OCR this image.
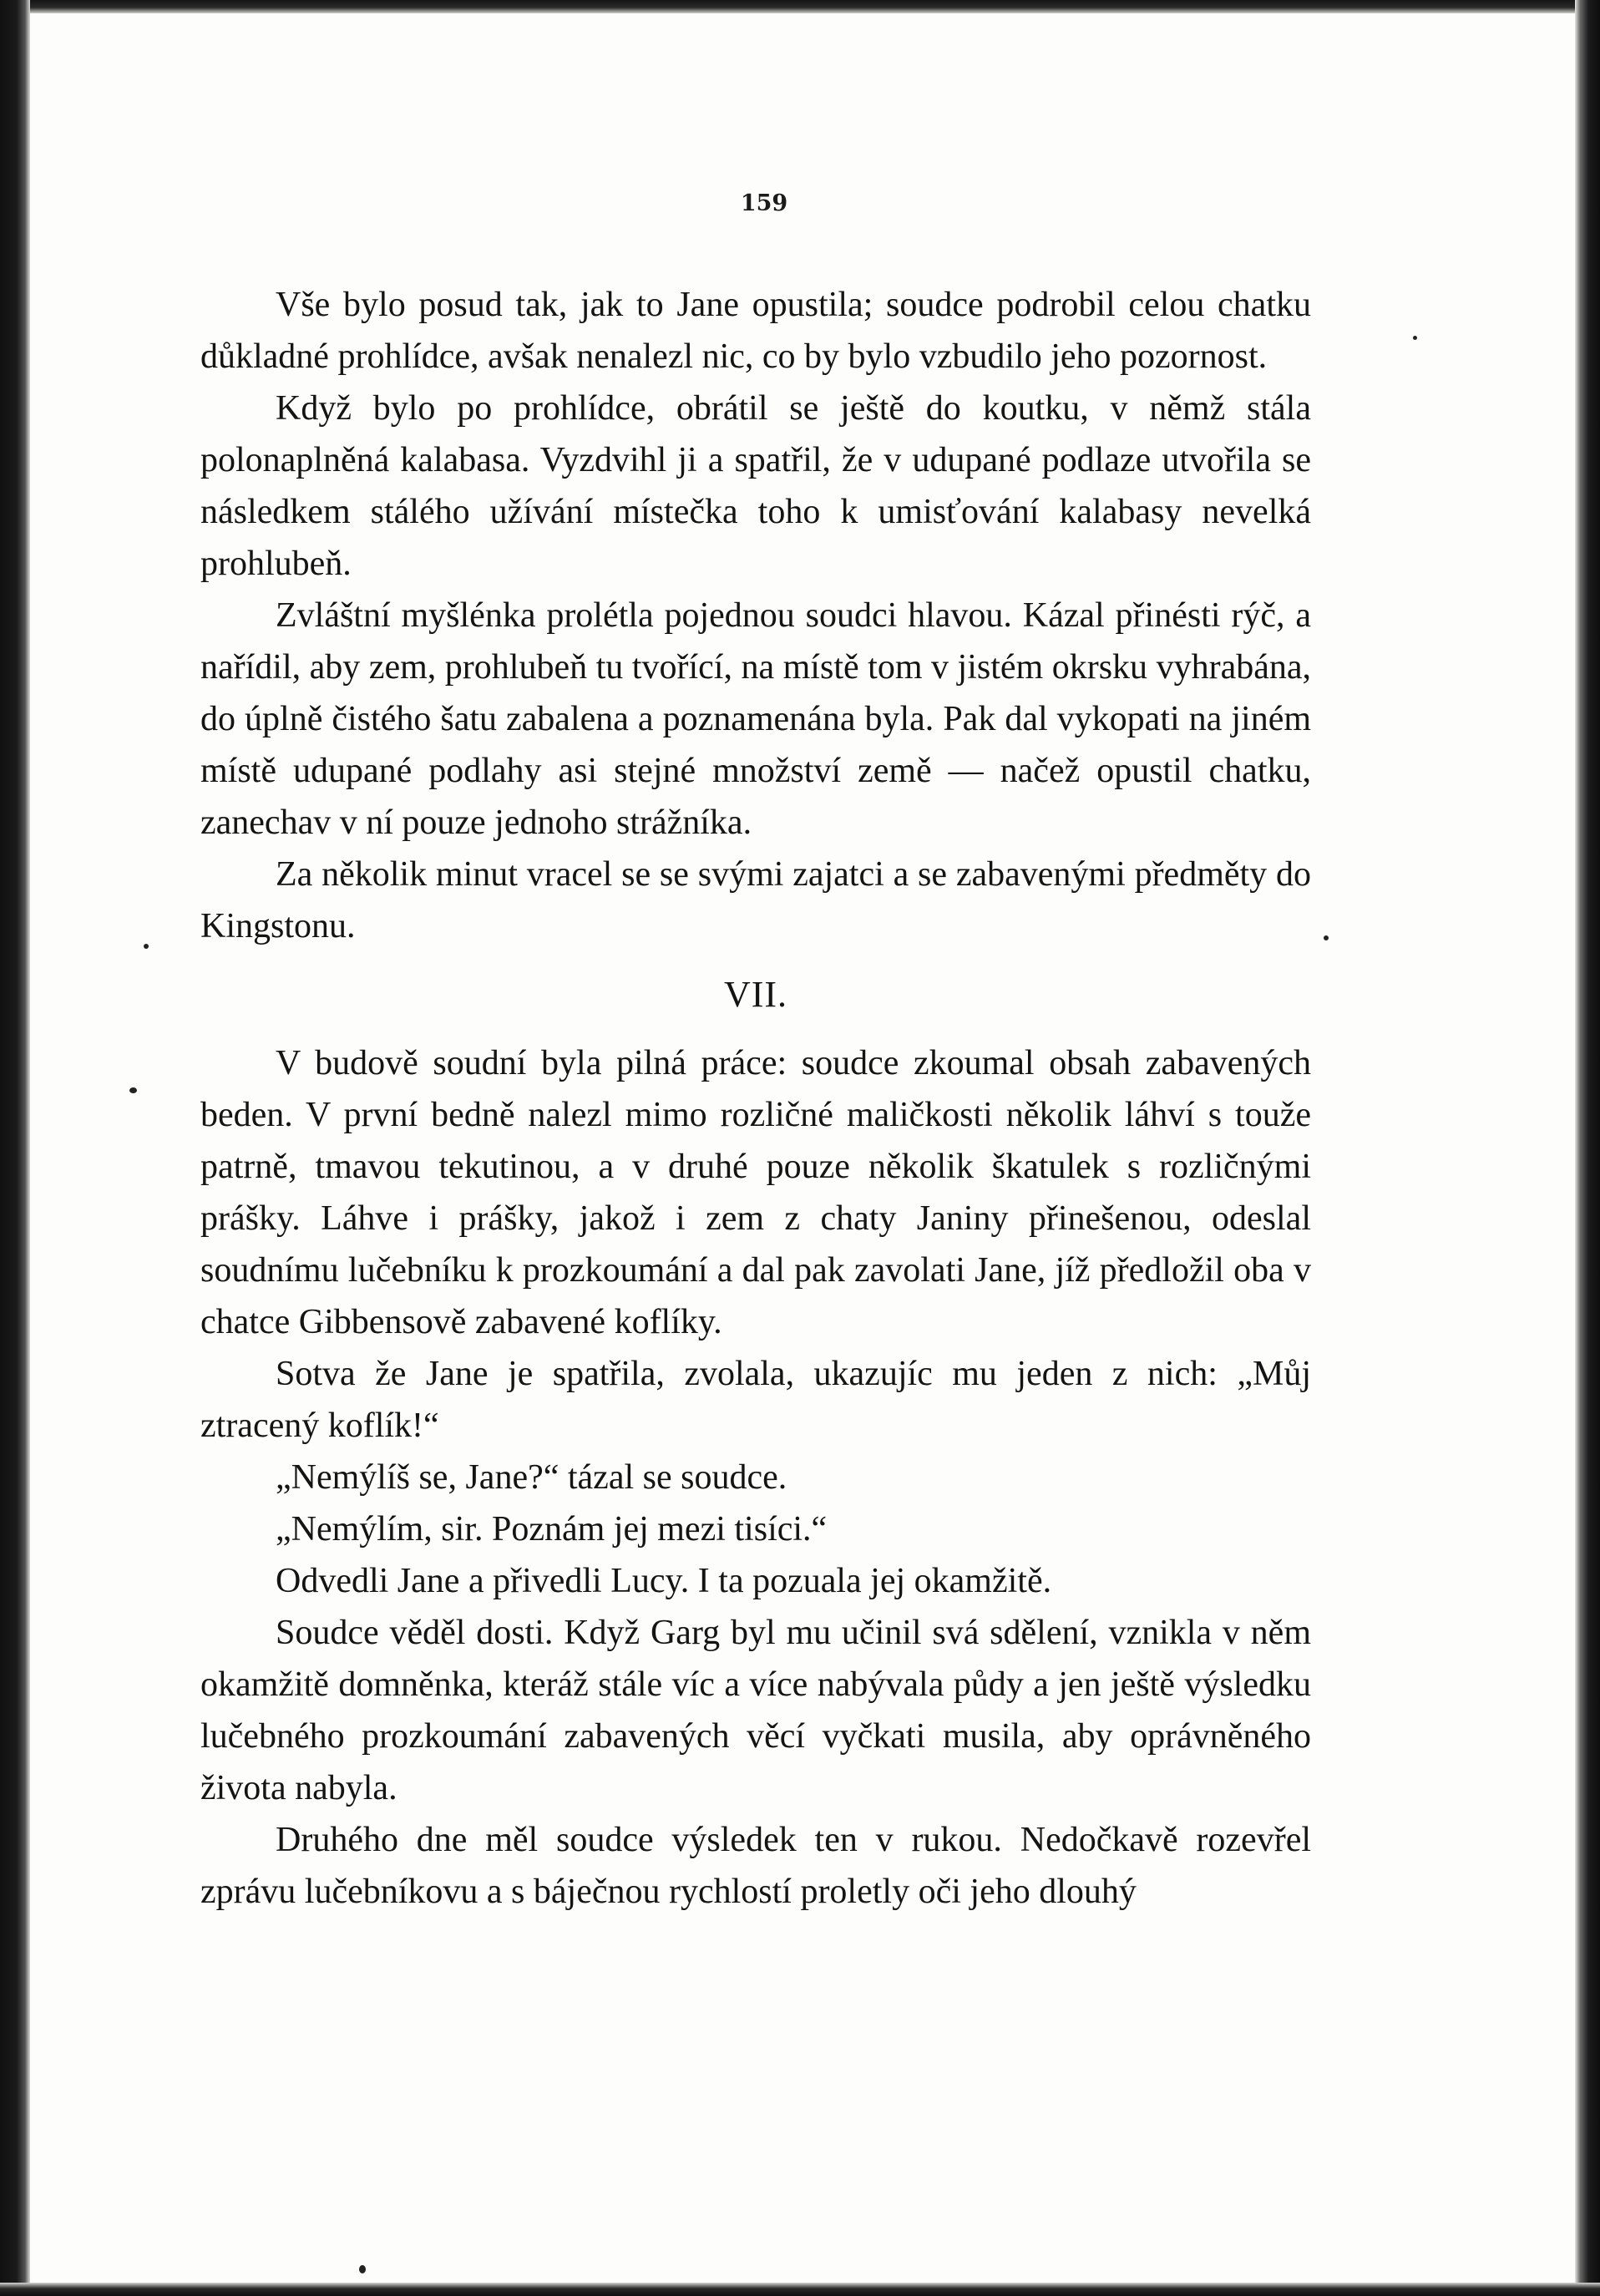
159

Vše bylo posud tak, jak to Jane opustila; soudce podrobil celou chatku důkladné prohlídce, avšak nenalezl nic, co by bylo vzbudilo jeho pozornost.

Když bylo po prohlídce, obrátil se ještě do koutku, v němž stála polonaplněná kalabasa. Vyzdvihl ji a spatřil, že v udupané podlaze utvořila se následkem stálého užívání místečka toho k umisťování kalabasy nevelká prohlubeň.

Zvláštní myšlénka prolétla pojednou soudci hlavou. Kázal přinésti rýč, a nařídil, aby zem, prohlubeň tu tvořící, na místě tom v jistém okrsku vyhrabána, do úplně čistého šatu zabalena a poznamenána byla. Pak dal vykopati na jiném místě udupané podlahy asi stejné množství země — načež opustil chatku, zanechav v ní pouze jednoho strážníka.

Za několik minut vracel se se svými zajatci a se zabavenými předměty do Kingstonu.

VII.

V budově soudní byla pilná práce: soudce zkoumal obsah zabavených beden. V první bedně nalezl mimo rozličné maličkosti několik láhví s touže patrně, tmavou tekutinou, a v druhé pouze několik škatulek s rozličnými prášky. Láhve i prášky, jakož i zem z chaty Janiny přinešenou, odeslal soudnímu lučebníku k prozkoumání a dal pak zavolati Jane, jíž předložil oba v chatce Gibbensově zabavené koflíky.

Sotva že Jane je spatřila, zvolala, ukazujíc mu jeden z nich: „Můj ztracený koflík!“

„Nemýlíš se, Jane?“ tázal se soudce.

„Nemýlím, sir. Poznám jej mezi tisíci.“

Odvedli Jane a přivedli Lucy. I ta pozuala jej okamžitě.

Soudce věděl dosti. Když Garg byl mu učinil svá sdělení, vznikla v něm okamžitě domněnka, kteráž stále víc a více nabývala půdy a jen ještě výsledku lučebného prozkoumání zabavených věcí vyčkati musila, aby oprávněného života nabyla.

Druhého dne měl soudce výsledek ten v rukou. Nedočkavě rozevřel zprávu lučebníkovu a s báječnou rychlostí proletly oči jeho dlouhý
